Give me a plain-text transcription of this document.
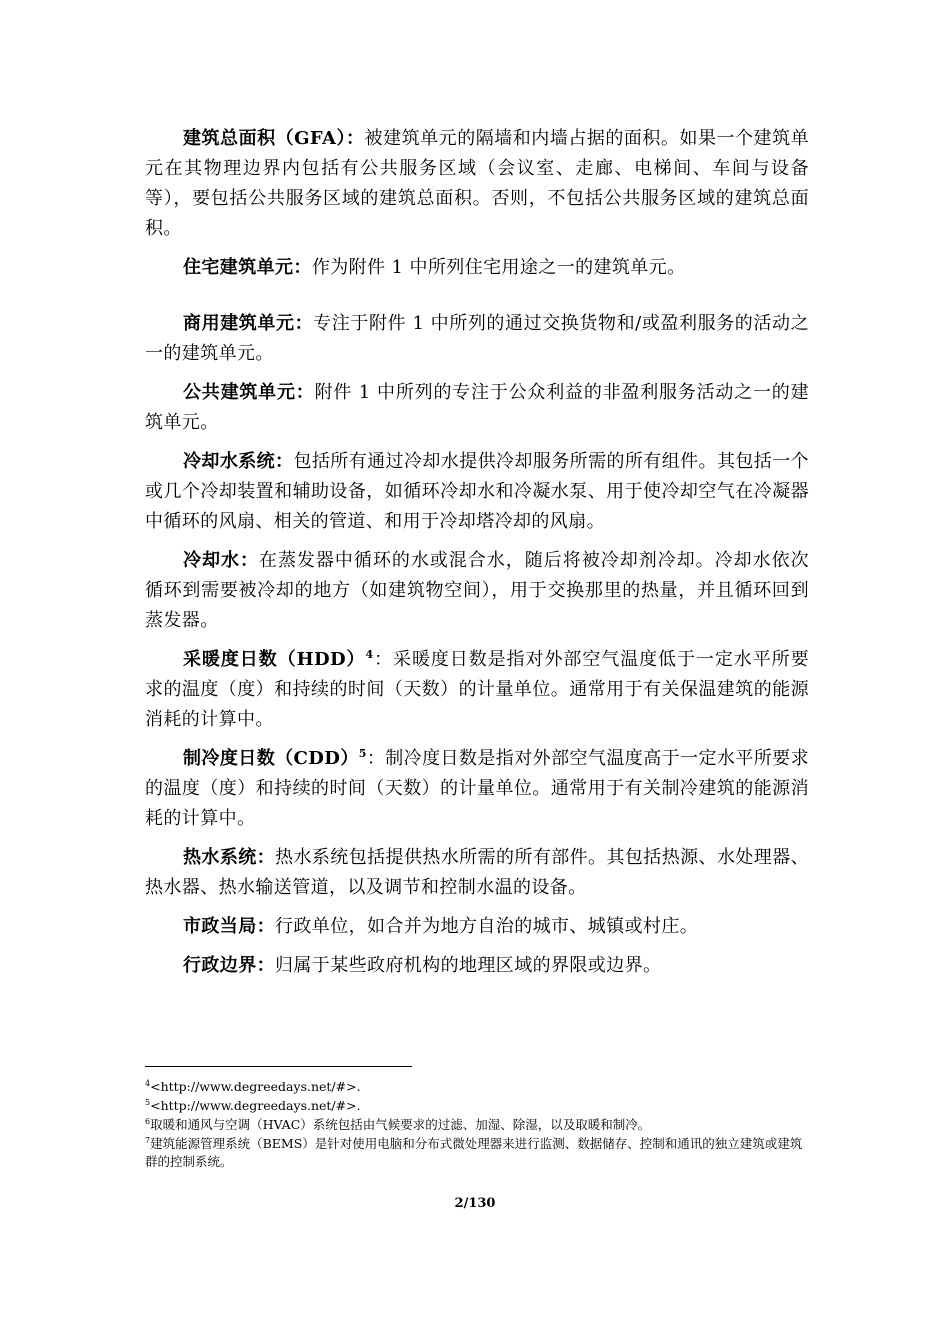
建筑总面积（GFA）：被建筑单元的隔墙和内墙占据的面积。如果一个建筑单元在其物理边界内包括有公共服务区域（会议室、走廊、电梯间、车间与设备等），要包括公共服务区域的建筑总面积。否则，不包括公共服务区域的建筑总面积。

住宅建筑单元：作为附件 1 中所列住宅用途之一的建筑单元。

商用建筑单元：专注于附件 1 中所列的通过交换货物和/或盈利服务的活动之一的建筑单元。

公共建筑单元：附件 1 中所列的专注于公众利益的非盈利服务活动之一的建筑单元。

冷却水系统：包括所有通过冷却水提供冷却服务所需的所有组件。其包括一个或几个冷却装置和辅助设备，如循环冷却水和冷凝水泵、用于使冷却空气在冷凝器中循环的风扇、相关的管道、和用于冷却塔冷却的风扇。

冷却水：在蒸发器中循环的水或混合水，随后将被冷却剂冷却。冷却水依次 循环到需要被冷却的地方（如建筑物空间），用于交换那里的热量，并且循环回到蒸发器。

采暖度日数（HDD）$^4$：采暖度日数是指对外部空气温度低于一定水平所要求的温度（度）和持续的时间（天数）的计量单位。通常用于有关保温建筑的能源消耗的计算中。

制冷度日数（CDD）$^5$：制冷度日数是指对外部空气温度高于一定水平所要求的温度（度）和持续的时间（天数）的计量单位。通常用于有关制冷建筑的能源消耗的计算中。

热水系统：热水系统包括提供热水所需的所有部件。其包括热源、水处理器、热水器、热水输送管道，以及调节和控制水温的设备。

市政当局：行政单位，如合并为地方自治的城市、城镇或村庄。

行政边界：归属于某些政府机构的地理区域的界限或边界。

$^4$<http://www.degreedays.net/#>.
$^5$<http://www.degreedays.net/#>.
$^6$取暖和通风与空调（HVAC）系统包括由气候要求的过滤、加湿、除湿，以及取暖和制冷。
$^7$建筑能源管理系统（BEMS）是针对使用电脑和分布式微处理器来进行监测、数据储存、控制和通讯的独立建筑或建筑群的控制系统。
2/130
